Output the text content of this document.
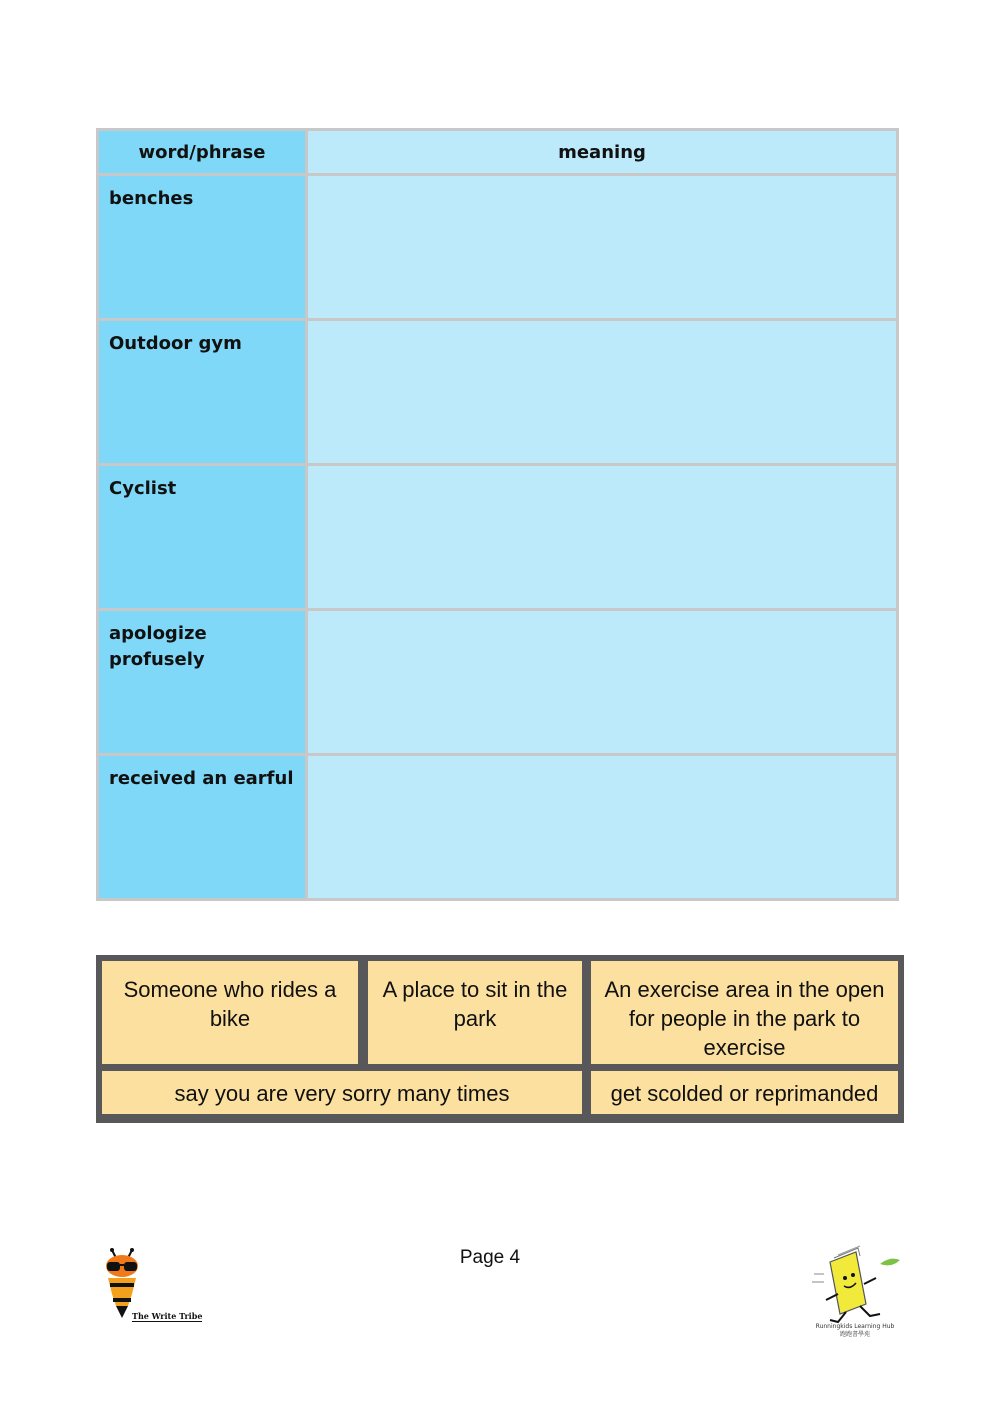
word/phrase	meaning
benches	
Outdoor gym	
Cyclist	

apologize profusely	

received an earful	
Someone who rides a bike
A place to sit in the park
An exercise area in the open for people in the park to exercise
say you are very sorry many times	get scolded or reprimanded
Page 4
The Write Tribe
Runningkids Learning Hub
跑跑書學苑
